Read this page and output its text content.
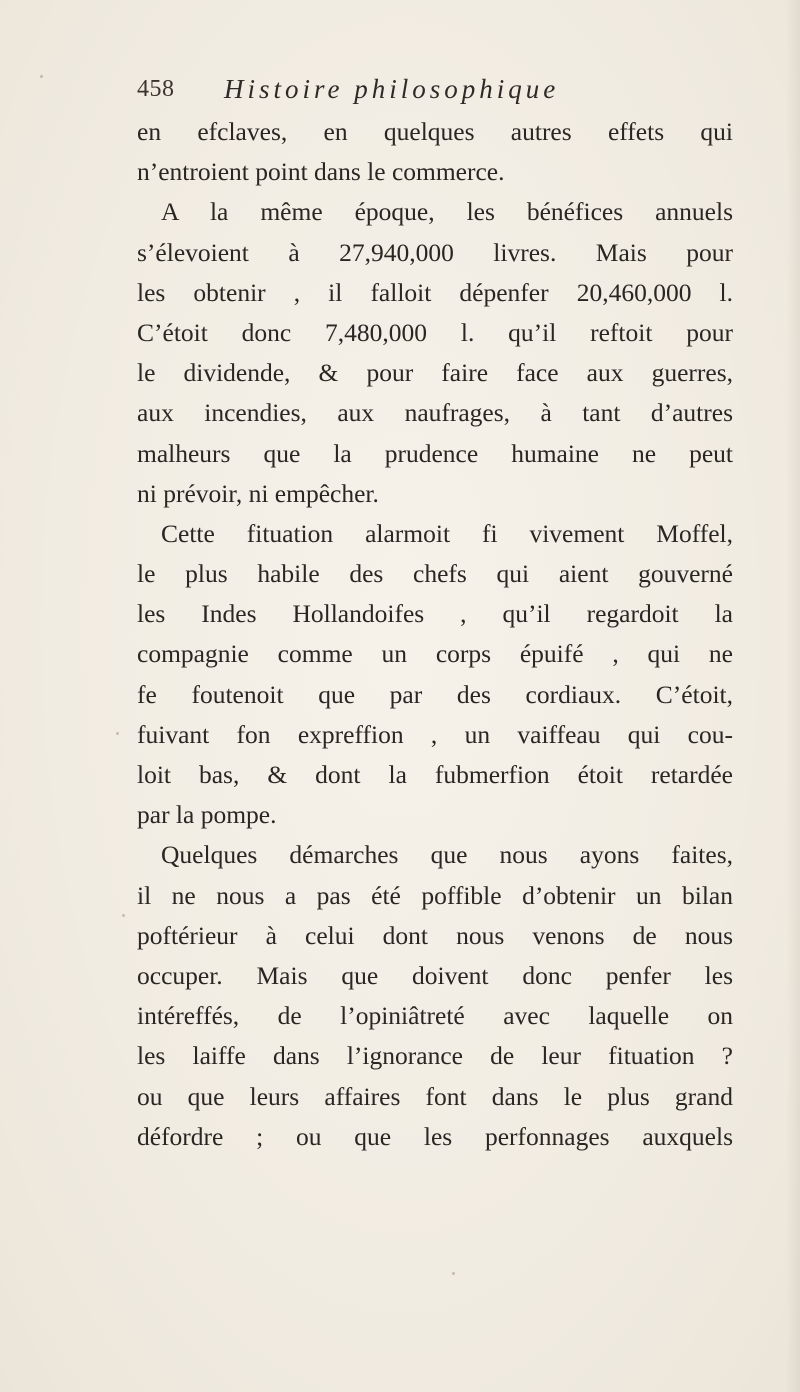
458 Histoire philosophique
en efclaves, en quelques autres effets qui
n’entroient point dans le commerce.
A la même époque, les bénéfices annuels
s’élevoient à 27,940,000 livres. Mais pour
les obtenir , il falloit dépenfer 20,460,000 l.
C’étoit donc 7,480,000 l. qu’il reftoit pour
le dividende, & pour faire face aux guerres,
aux incendies, aux naufrages, à tant d’autres
malheurs que la prudence humaine ne peut
ni prévoir, ni empêcher.
Cette fituation alarmoit fi vivement Moffel,
le plus habile des chefs qui aient gouverné
les Indes Hollandoifes , qu’il regardoit la
compagnie comme un corps épuifé , qui ne
fe foutenoit que par des cordiaux. C’étoit,
fuivant fon expreffion , un vaiffeau qui cou-
loit bas, & dont la fubmerfion étoit retardée
par la pompe.
Quelques démarches que nous ayons faites,
il ne nous a pas été poffible d’obtenir un bilan
poftérieur à celui dont nous venons de nous
occuper. Mais que doivent donc penfer les
intéreffés, de l’opiniâtreté avec laquelle on
les laiffe dans l’ignorance de leur fituation ?
ou que leurs affaires font dans le plus grand
défordre ; ou que les perfonnages auxquels
